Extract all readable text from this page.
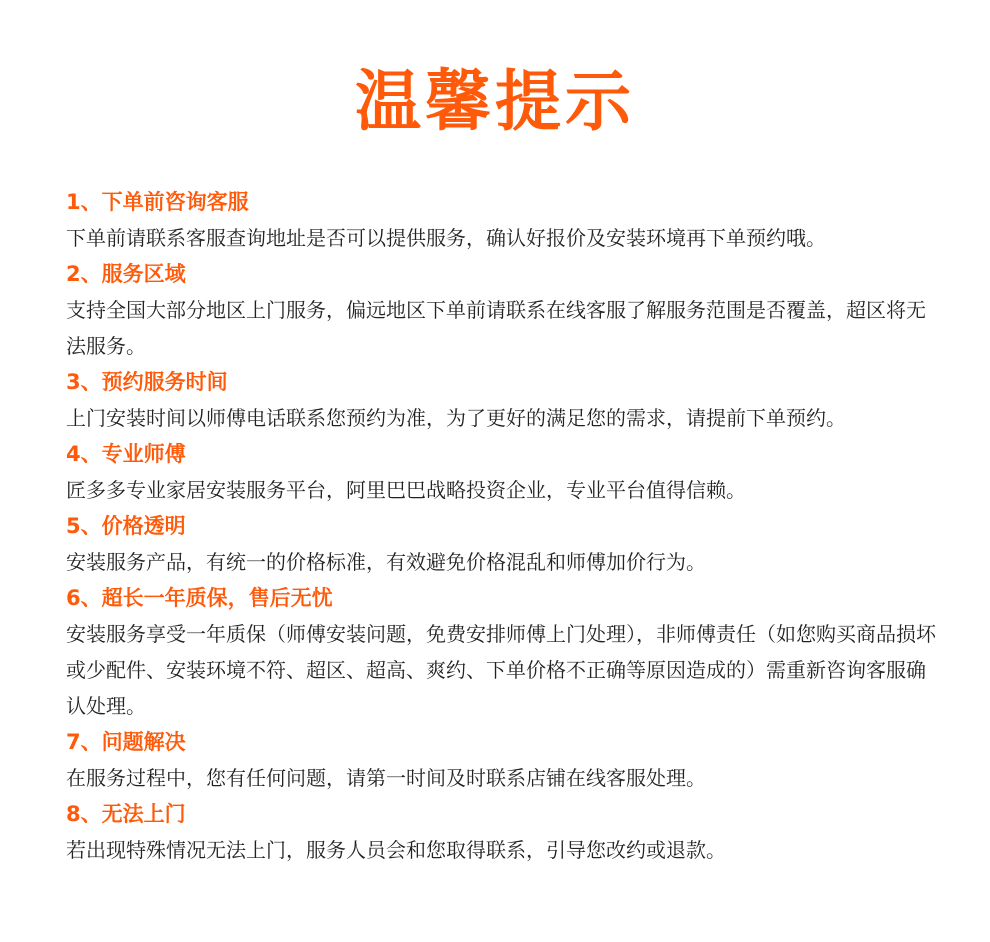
温馨提示
1、下单前咨询客服
下单前请联系客服查询地址是否可以提供服务，确认好报价及安装环境再下单预约哦。
2、服务区域
支持全国大部分地区上门服务，偏远地区下单前请联系在线客服了解服务范围是否覆盖，超区将无法服务。
3、预约服务时间
上门安装时间以师傅电话联系您预约为准，为了更好的满足您的需求，请提前下单预约。
4、专业师傅
匠多多专业家居安装服务平台，阿里巴巴战略投资企业，专业平台值得信赖。
5、价格透明
安装服务产品，有统一的价格标准，有效避免价格混乱和师傅加价行为。
6、超长一年质保，售后无忧
安装服务享受一年质保（师傅安装问题，免费安排师傅上门处理），非师傅责任（如您购买商品损坏或少配件、安装环境不符、超区、超高、爽约、下单价格不正确等原因造成的）需重新咨询客服确认处理。
7、问题解决
在服务过程中，您有任何问题，请第一时间及时联系店铺在线客服处理。
8、无法上门
若出现特殊情况无法上门，服务人员会和您取得联系，引导您改约或退款。
